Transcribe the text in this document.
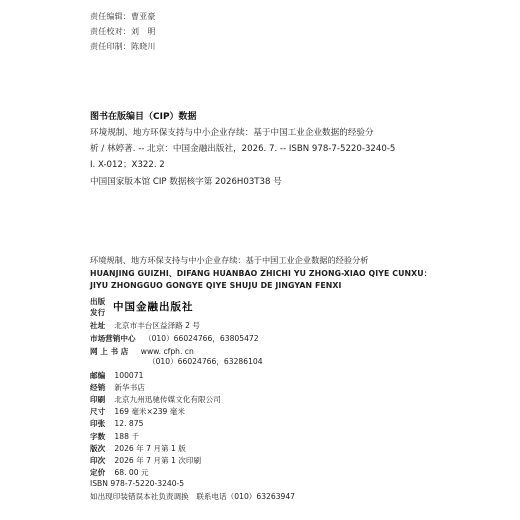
责任编辑：曹亚豪
责任校对：刘　明
责任印制：陈晓川
图书在版编目（CIP）数据
环境规制、地方环保支持与中小企业存续：基于中国工业企业数据的经验分
析 / 林婷著. -- 北京：中国金融出版社，2026. 7. -- ISBN 978-7-5220-3240-5
Ⅰ. X-012；X322. 2
中国国家版本馆 CIP 数据核字第 2026H03T38 号
环境规制、地方环保支持与中小企业存续：基于中国工业企业数据的经验分析
HUANJING GUIZHI、DIFANG HUANBAO ZHICHI YU ZHONG-XIAO QIYE CUNXU：
JIYU ZHONGGUO GONGYE QIYE SHUJU DE JINGYAN FENXI
出版
发行 中国金融出版社
社址 北京市丰台区益泽路 2 号
市场营销中心 （010）66024766，63805472
网 上 书 店 www. cfph. cn
（010）66024766，63286104
邮编 100071
经销 新华书店
印刷 北京九州迅驰传媒文化有限公司
尺寸 169 毫米×239 毫米
印张 12. 875
字数 188 千
版次 2026 年 7 月第 1 版
印次 2026 年 7 月第 1 次印刷
定价 68. 00 元
ISBN 978-7-5220-3240-5
如出现印装错误本社负责调换　联系电话（010）63263947
